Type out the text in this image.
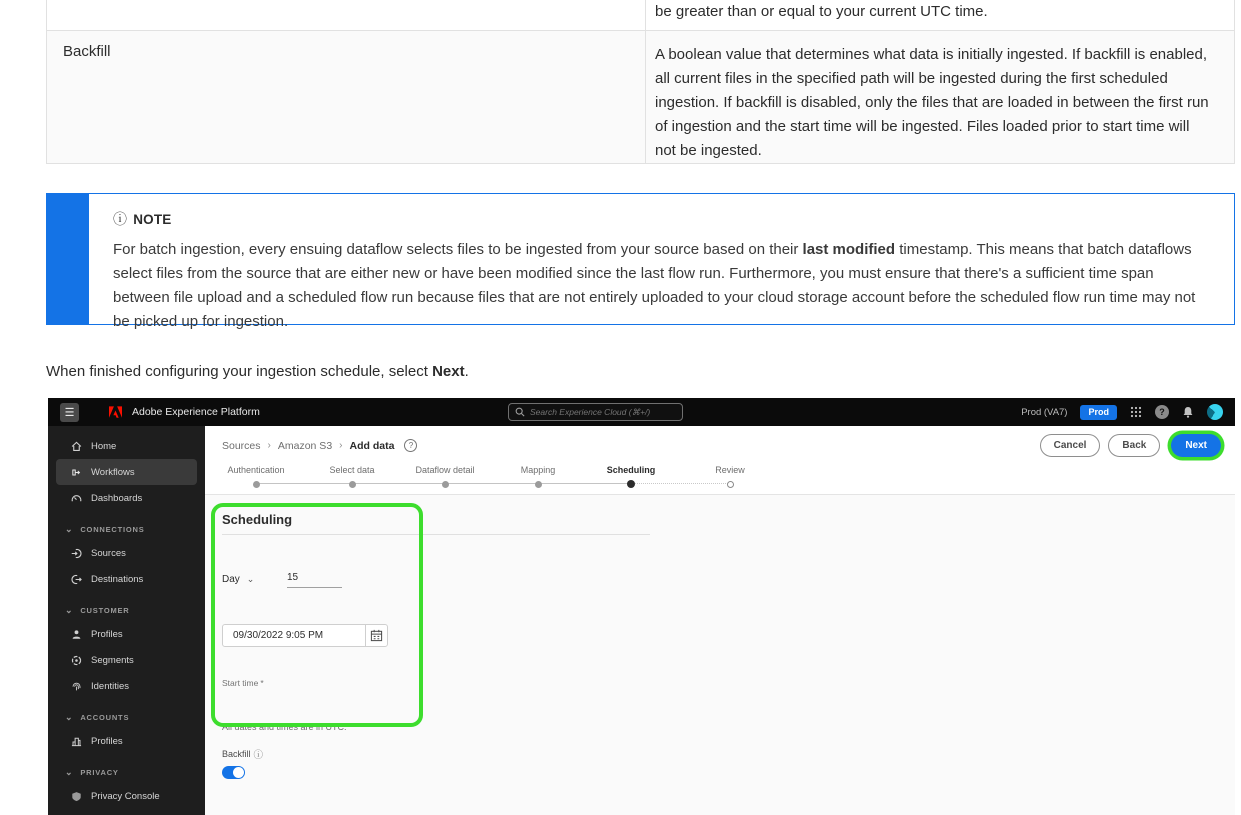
be greater than or equal to your current UTC time.
Backfill	A boolean value that determines what data is initially ingested. If backfill is enabled, all current files in the specified path will be ingested during the first scheduled ingestion. If backfill is disabled, only the files that are loaded in between the first run of ingestion and the start time will be ingested. Files loaded prior to start time will not be ingested.
ⓘ NOTE
For batch ingestion, every ensuing dataflow selects files to be ingested from your source based on their last modified timestamp. This means that batch dataflows select files from the source that are either new or have been modified since the last flow run. Furthermore, you must ensure that there's a sufficient time span between file upload and a scheduled flow run because files that are not entirely uploaded to your cloud storage account before the scheduled flow run time may not be picked up for ingestion.

When finished configuring your ingestion schedule, select Next.

☰	Adobe Experience Platform
Search Experience Cloud (⌘+/)	Prod (VA7)	Prod	?
Home
Workflows
Dashboards
⌄ CONNECTIONS
Sources
Destinations
⌄ CUSTOMER
Profiles
Segments
Identities
⌄ ACCOUNTS
Profiles
⌄ PRIVACY
Privacy Console
Sources › Amazon S3 › Add data	?	Cancel	Back	Next
Authentication	Select data	Dataflow detail	Mapping	Scheduling	Review
Scheduling
Day ⌄
15
Start time *
09/30/2022 9:05 PM
All dates and times are in UTC.
Backfill ⓘ
